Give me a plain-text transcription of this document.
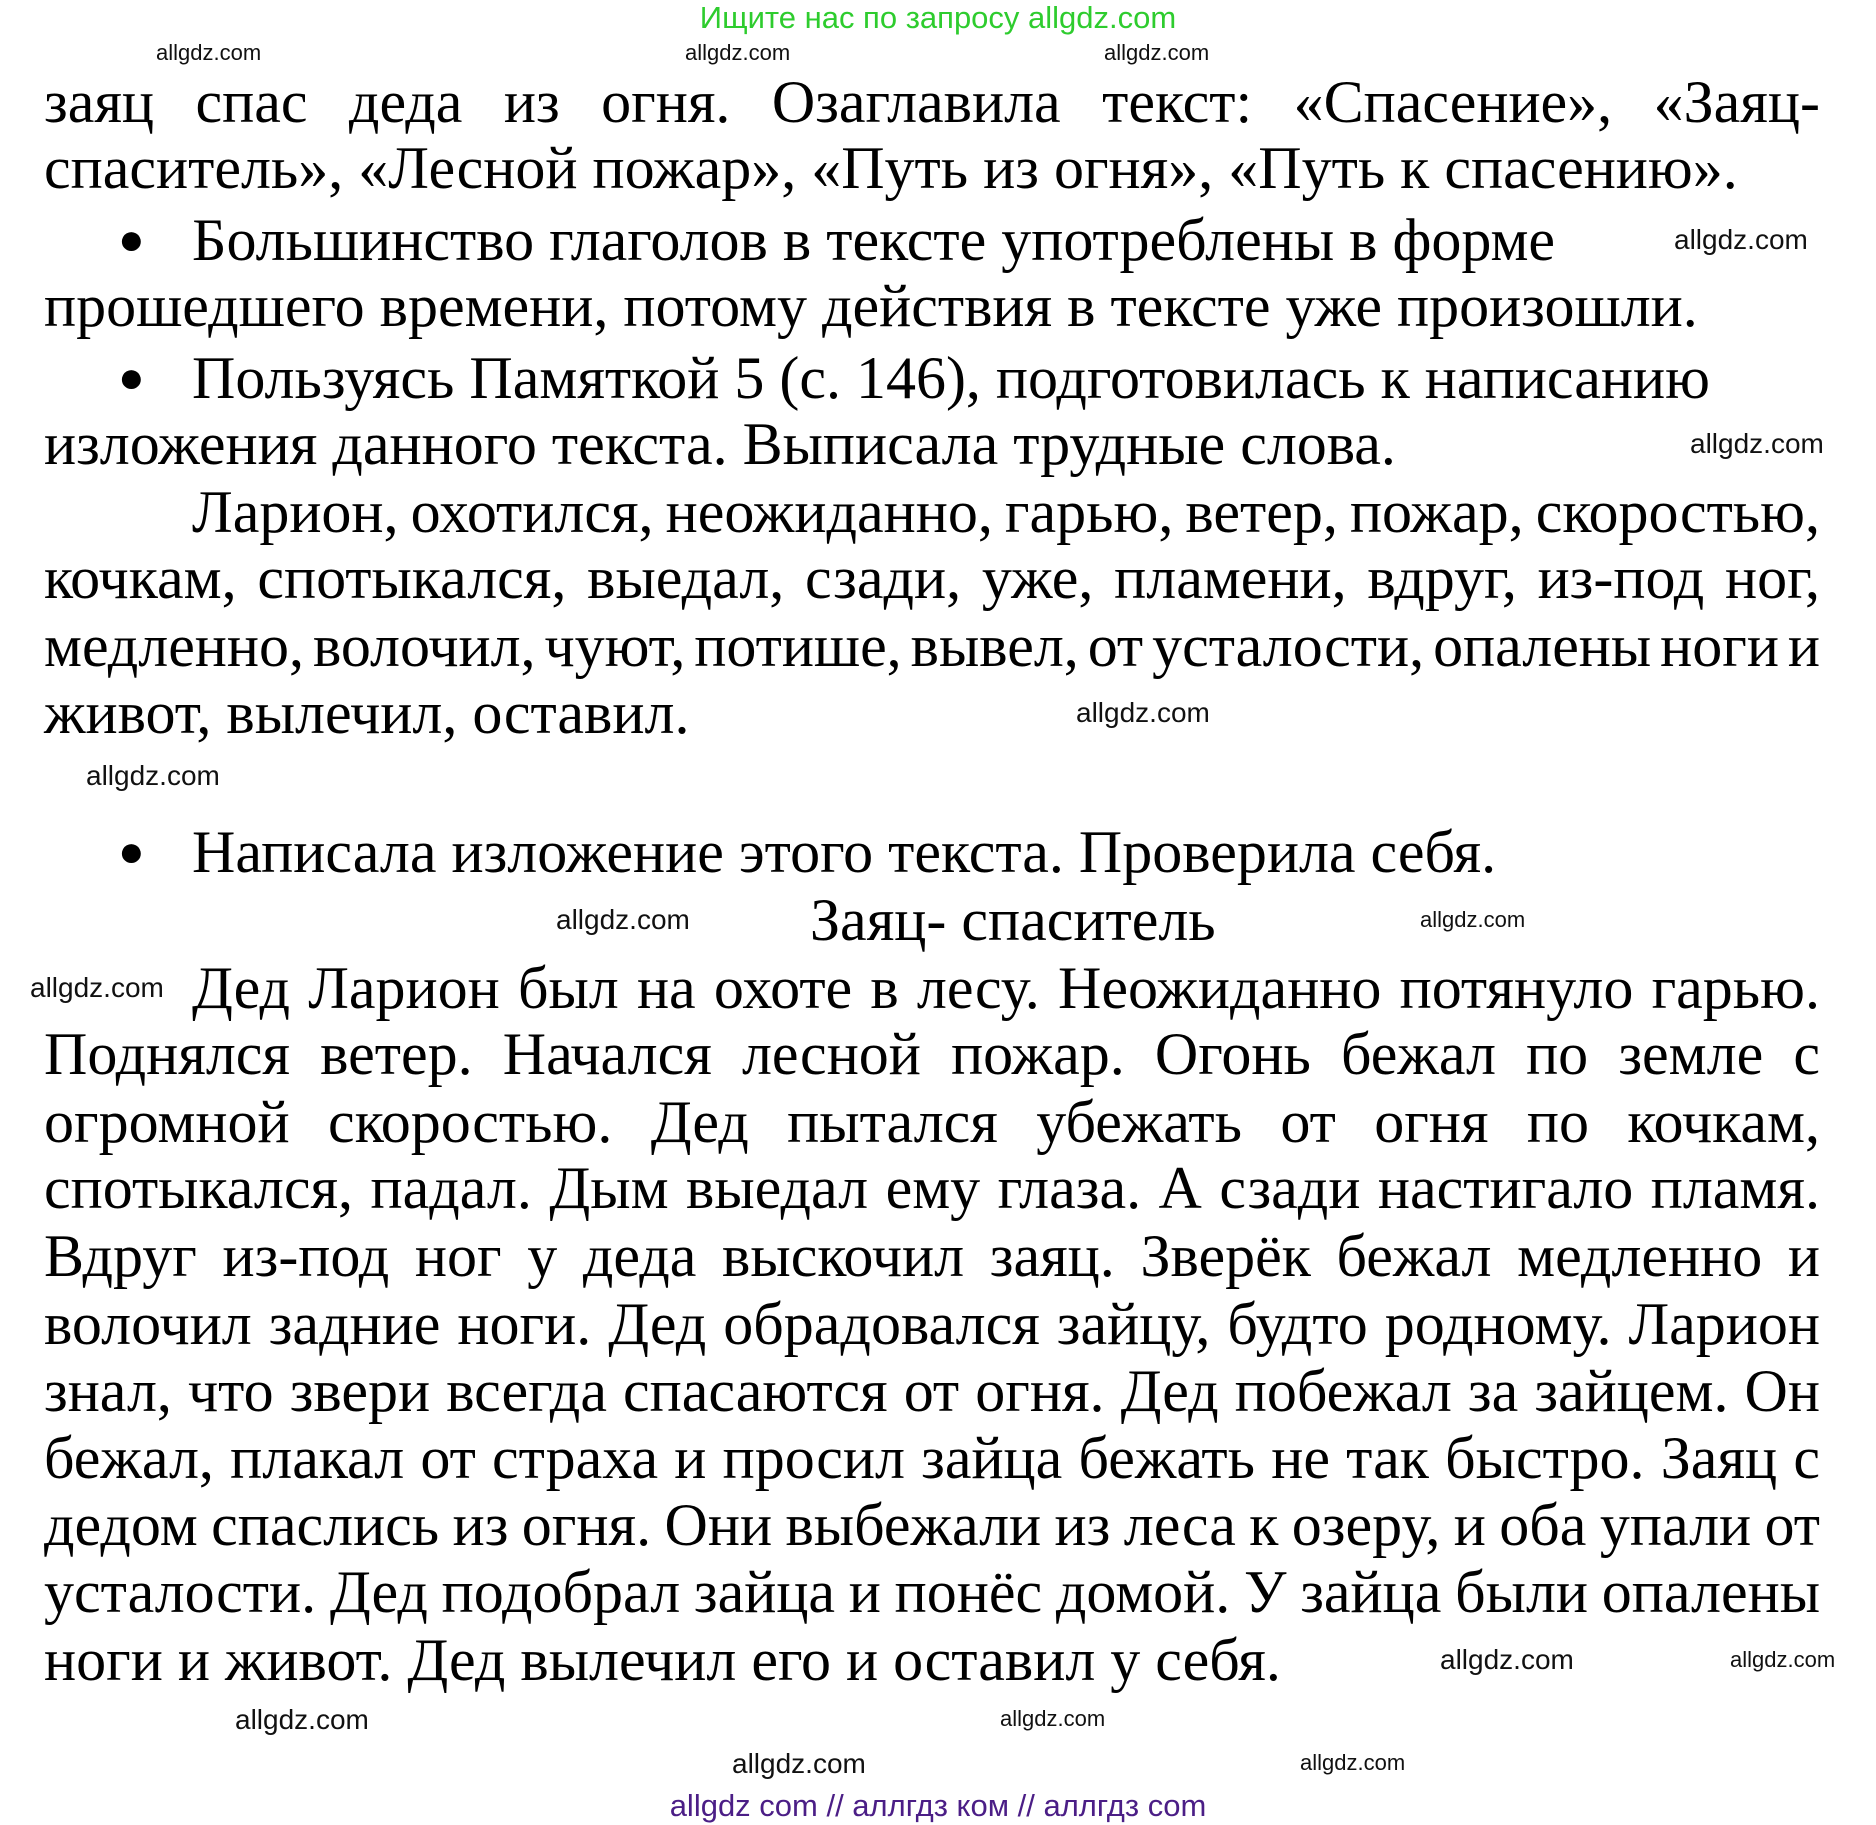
Ищите нас по запросу allgdz.com
заяц спас деда из огня. Озаглавила текст: «Спасение», «Заяц-
спаситель», «Лесной пожар», «Путь из огня», «Путь к спасению».
● Большинство глаголов в тексте употреблены в форме
прошедшего времени, потому действия в тексте уже произошли.
● Пользуясь Памяткой 5 (с. 146), подготовилась к написанию
изложения данного текста. Выписала трудные слова.
Ларион, охотился, неожиданно, гарью, ветер, пожар, скоростью,
кочкам, спотыкался, выедал, сзади, уже, пламени, вдруг, из-под ног,
медленно, волочил, чуют, потише, вывел, от усталости, опалены ноги и
живот, вылечил, оставил.
● Написала изложение этого текста. Проверила себя.
Заяц- спаситель
Дед Ларион был на охоте в лесу. Неожиданно потянуло гарью.
Поднялся ветер. Начался лесной пожар. Огонь бежал по земле с
огромной скоростью. Дед пытался убежать от огня по кочкам,
спотыкался, падал. Дым выедал ему глаза. А сзади настигало пламя.
Вдруг из-под ног у деда выскочил заяц. Зверёк бежал медленно и
волочил задние ноги. Дед обрадовался зайцу, будто родному. Ларион
знал, что звери всегда спасаются от огня. Дед побежал за зайцем. Он
бежал, плакал от страха и просил зайца бежать не так быстро. Заяц с
дедом спаслись из огня. Они выбежали из леса к озеру, и оба упали от
усталости. Дед подобрал зайца и понёс домой. У зайца были опалены
ноги и живот. Дед вылечил его и оставил у себя.
allgdz.com
allgdz.com	allgdz.com
allgdz.com
allgdz.com
allgdz.com
allgdz.com
allgdz.com
allgdz.com
allgdz.com
allgdz.com
allgdz.com
allgdz.com
allgdz.com
allgdz.com
allgdz.com
allgdz com // аллгдз ком // аллгдз com
